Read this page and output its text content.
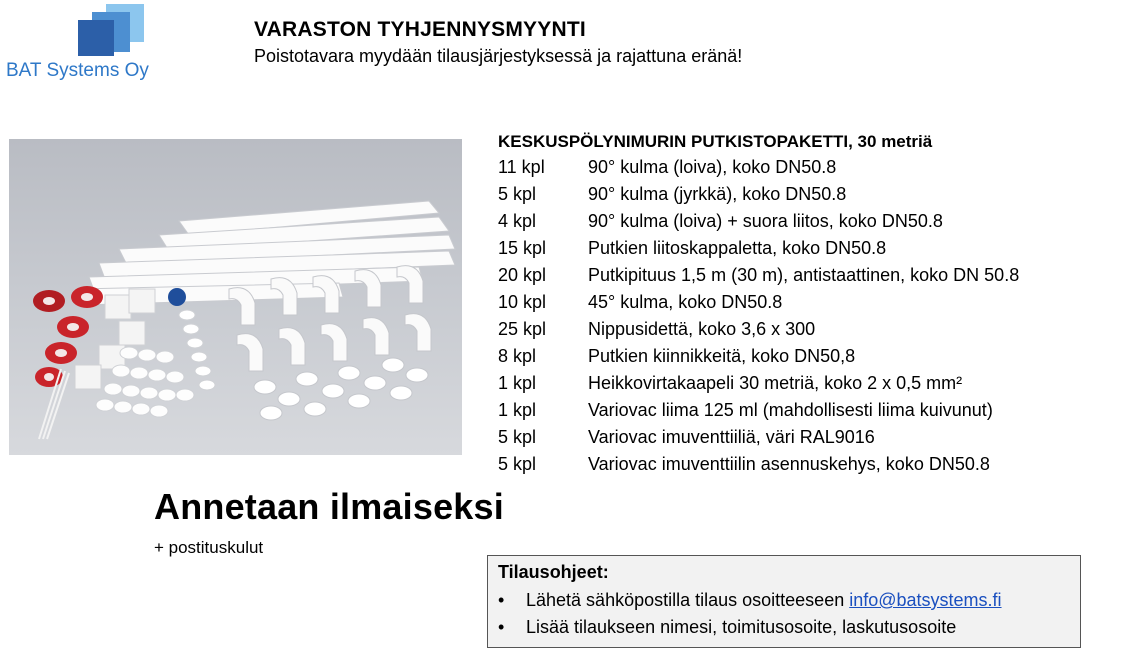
BAT Systems Oy
VARASTON TYHJENNYSMYYNTI
Poistotavara myydään tilausjärjestyksessä ja rajattuna eränä!
KESKUSPÖLYNIMURIN PUTKISTOPAKETTI, 30 metriä
11 kpl	90° kulma (loiva), koko DN50.8
5 kpl	90° kulma (jyrkkä), koko DN50.8
4 kpl	90° kulma (loiva) + suora liitos, koko DN50.8
15 kpl	Putkien liitoskappaletta, koko DN50.8
20 kpl	Putkipituus 1,5 m (30 m), antistaattinen, koko DN 50.8
10 kpl	45° kulma, koko DN50.8
25 kpl	Nippusidettä, koko 3,6 x 300
8 kpl	Putkien kiinnikkeitä, koko DN50,8
1 kpl	Heikkovirtakaapeli 30 metriä, koko 2 x 0,5 mm²
1 kpl	Variovac liima 125 ml (mahdollisesti liima kuivunut)
5 kpl	Variovac imuventtiiliä, väri RAL9016
5 kpl	Variovac imuventtiilin asennuskehys, koko DN50.8
Annetaan ilmaiseksi
+ postituskulut
Tilausohjeet:
•	Lähetä sähköpostilla tilaus osoitteeseen info@batsystems.fi
•	Lisää tilaukseen nimesi, toimitusosoite, laskutusosoite
